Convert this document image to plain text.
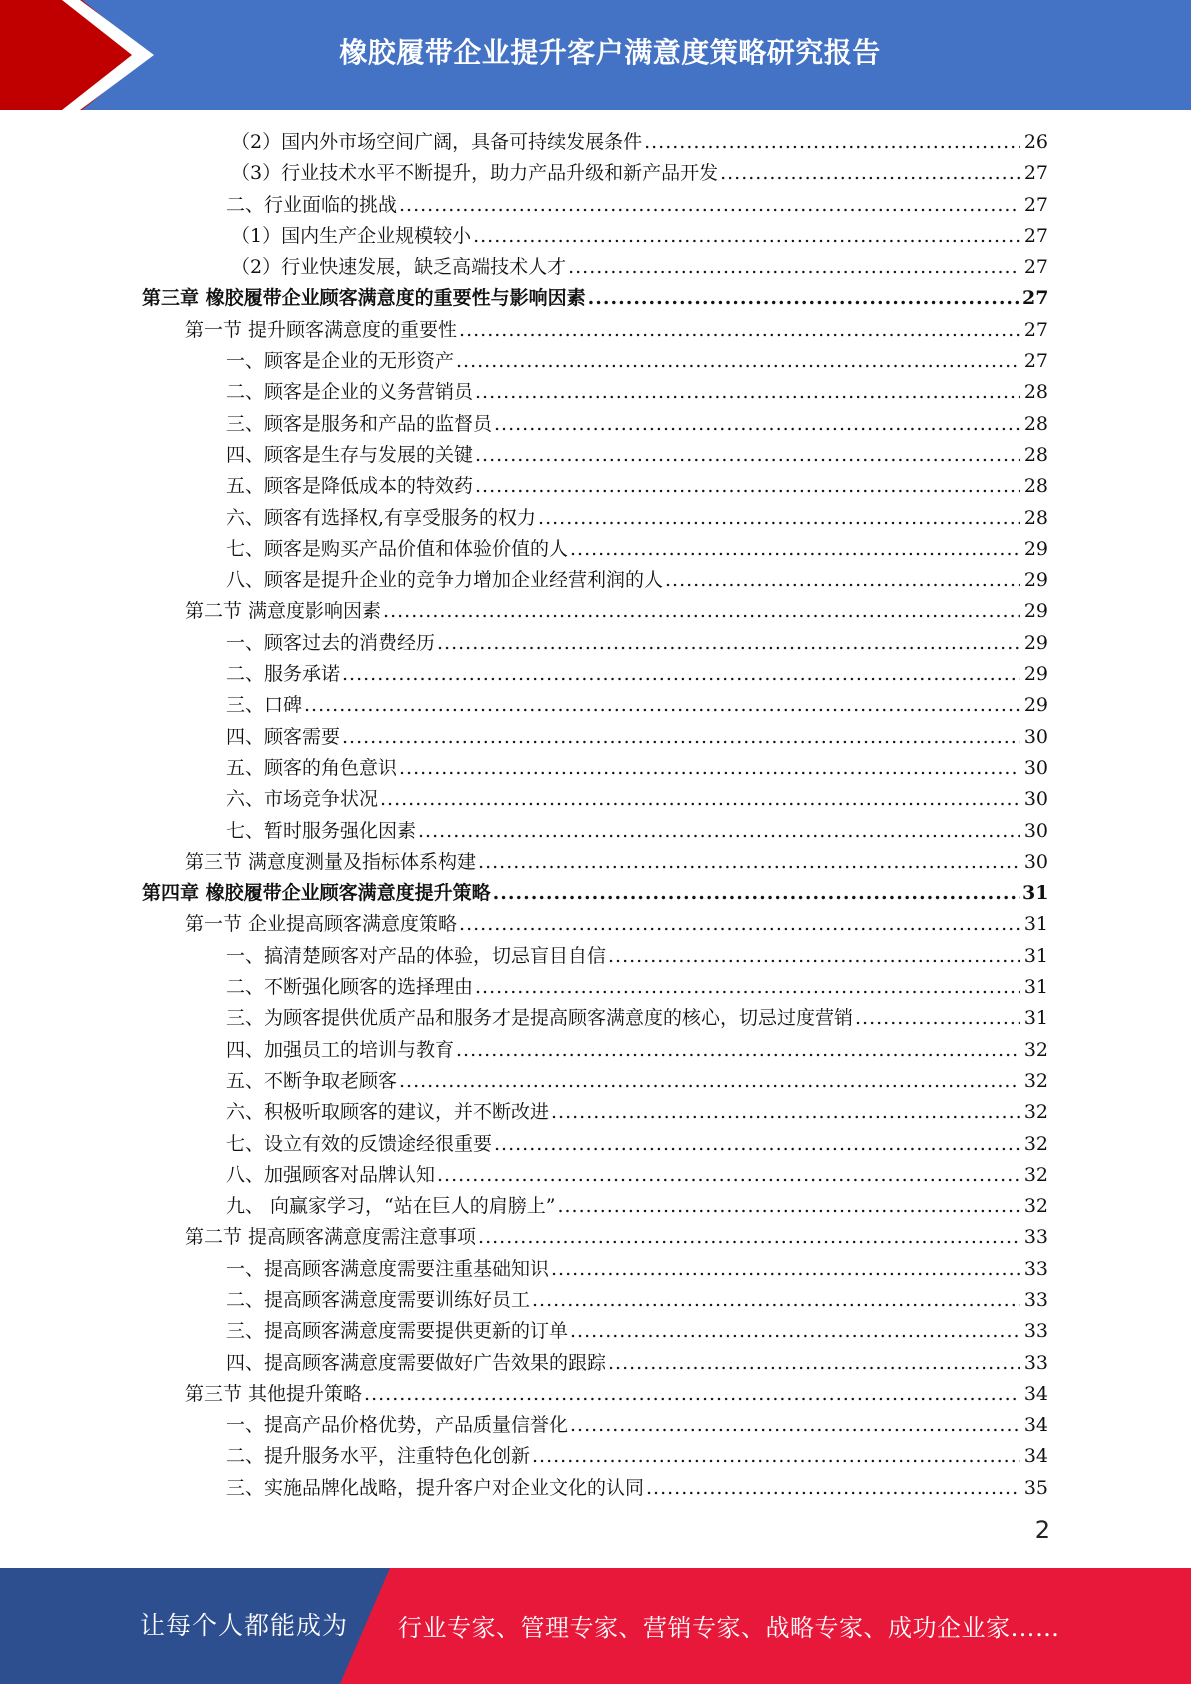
橡胶履带企业提升客户满意度策略研究报告
（2）国内外市场空间广阔，具备可持续发展条件 .....	26
（3）行业技术水平不断提升，助力产品升级和新产品开发 .....	27
二、行业面临的挑战 .....	27
（1）国内生产企业规模较小 .....	27
（2）行业快速发展，缺乏高端技术人才 .....	27
第三章 橡胶履带企业顾客满意度的重要性与影响因素 .....	27
第一节 提升顾客满意度的重要性 .....	27
一、顾客是企业的无形资产 .....	27
二、顾客是企业的义务营销员 .....	28
三、顾客是服务和产品的监督员 .....	28
四、顾客是生存与发展的关键 .....	28
五、顾客是降低成本的特效药 .....	28
六、顾客有选择权,有享受服务的权力 .....	28
七、顾客是购买产品价值和体验价值的人 .....	29
八、顾客是提升企业的竞争力增加企业经营利润的人 .....	29
第二节 满意度影响因素 .....	29
一、顾客过去的消费经历 .....	29
二、服务承诺 .....	29
三、口碑 .....	29
四、顾客需要 .....	30
五、顾客的角色意识 .....	30
六、市场竞争状况 .....	30
七、暂时服务强化因素 .....	30
第三节 满意度测量及指标体系构建 .....	30
第四章 橡胶履带企业顾客满意度提升策略 .....	31
第一节 企业提高顾客满意度策略 .....	31
一、搞清楚顾客对产品的体验，切忌盲目自信 .....	31
二、不断强化顾客的选择理由 .....	31
三、为顾客提供优质产品和服务才是提高顾客满意度的核心，切忌过度营销 .....	31
四、加强员工的培训与教育 .....	32
五、不断争取老顾客 .....	32
六、积极听取顾客的建议，并不断改进 .....	32
七、设立有效的反馈途经很重要 .....	32
八、加强顾客对品牌认知 .....	32
九、 向赢家学习，“站在巨人的肩膀上” .....	32
第二节 提高顾客满意度需注意事项 .....	33
一、提高顾客满意度需要注重基础知识 .....	33
二、提高顾客满意度需要训练好员工 .....	33
三、提高顾客满意度需要提供更新的订单 .....	33
四、提高顾客满意度需要做好广告效果的跟踪 .....	33
第三节 其他提升策略 .....	34
一、提高产品价格优势，产品质量信誉化 .....	34
二、提升服务水平，注重特色化创新 .....	34
三、实施品牌化战略，提升客户对企业文化的认同 .....	35
2
让每个人都能成为 行业专家、管理专家、营销专家、战略专家、成功企业家……
